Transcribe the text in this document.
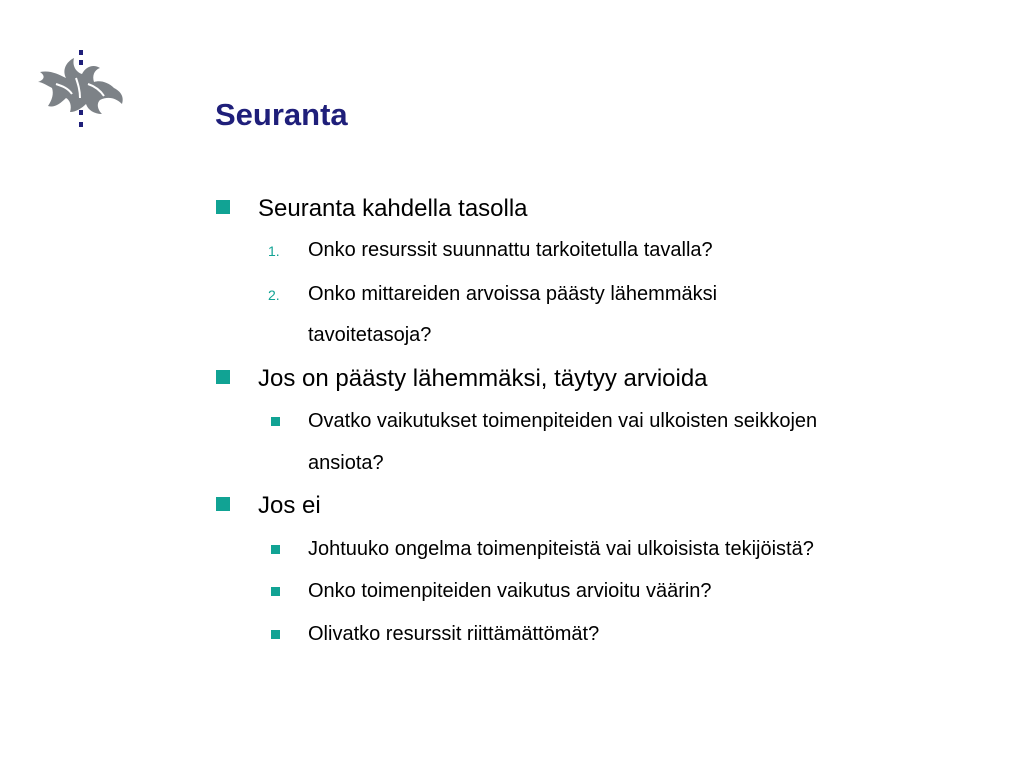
Seuranta
Seuranta kahdella tasolla
1. Onko resurssit suunnattu tarkoitetulla tavalla?
2. Onko mittareiden arvoissa päästy lähemmäksi
tavoitetasoja?
Jos on päästy lähemmäksi, täytyy arvioida
Ovatko vaikutukset toimenpiteiden vai ulkoisten seikkojen
ansiota?
Jos ei
Johtuuko ongelma toimenpiteistä vai ulkoisista tekijöistä?
Onko toimenpiteiden vaikutus arvioitu väärin?
Olivatko resurssit riittämättömät?
